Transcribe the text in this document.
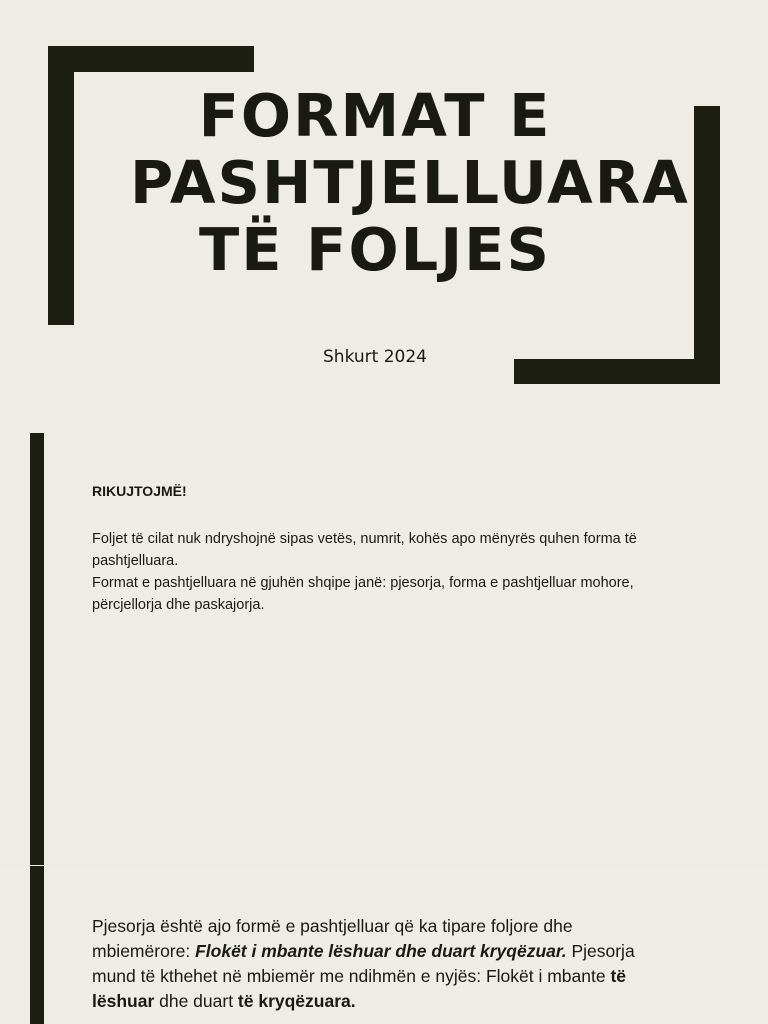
FORMAT E PASHTJELLUARA TË FOLJES
Shkurt 2024
RIKUJTOJMË!

Foljet të cilat nuk ndryshojnë sipas vetës, numrit, kohës apo mënyrës quhen forma të pashtjelluara.

Format e pashtjelluara në gjuhën shqipe janë: pjesorja, forma e pashtjelluar mohore, përcjellorja dhe paskajorja.

Pjesorja është ajo formë e pashtjelluar që ka tipare foljore dhe mbiemërore: Flokët i mbante lëshuar dhe duart kryqëzuar. Pjesorja mund të kthehet në mbiemër me ndihmën e nyjës: Flokët i mbante të lëshuar dhe duart të kryqëzuara.
